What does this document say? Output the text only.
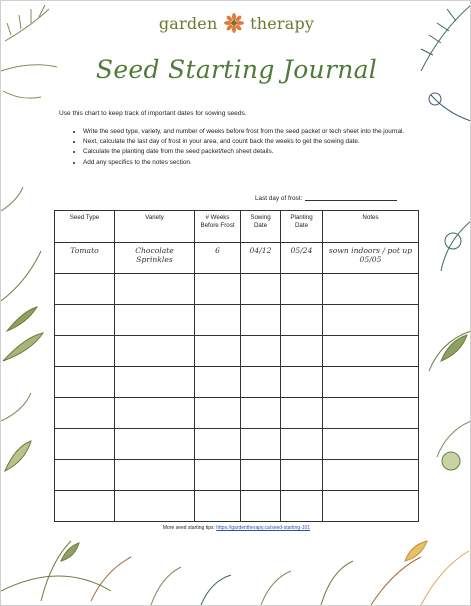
garden therapy
Seed Starting Journal
Use this chart to keep track of important dates for sowing seeds.
• Write the seed type, variety, and number of weeks before frost from the seed packet or tech sheet into the journal.
• Next, calculate the last day of frost in your area, and count back the weeks to get the sowing date.
• Calculate the planting date from the seed packet/tech sheet details.
• Add any specifics to the notes section.
Last day of frost:
Seed Type	Variety	# Weeks Before Frost	Sowing Date	Planting Date	Notes

Tomato	Chocolate Sprinkles	6	04/12	05/24	sown indoors / pot up 05/05

More seed starting tips: https://gardentherapy.ca/seed-starting-101
